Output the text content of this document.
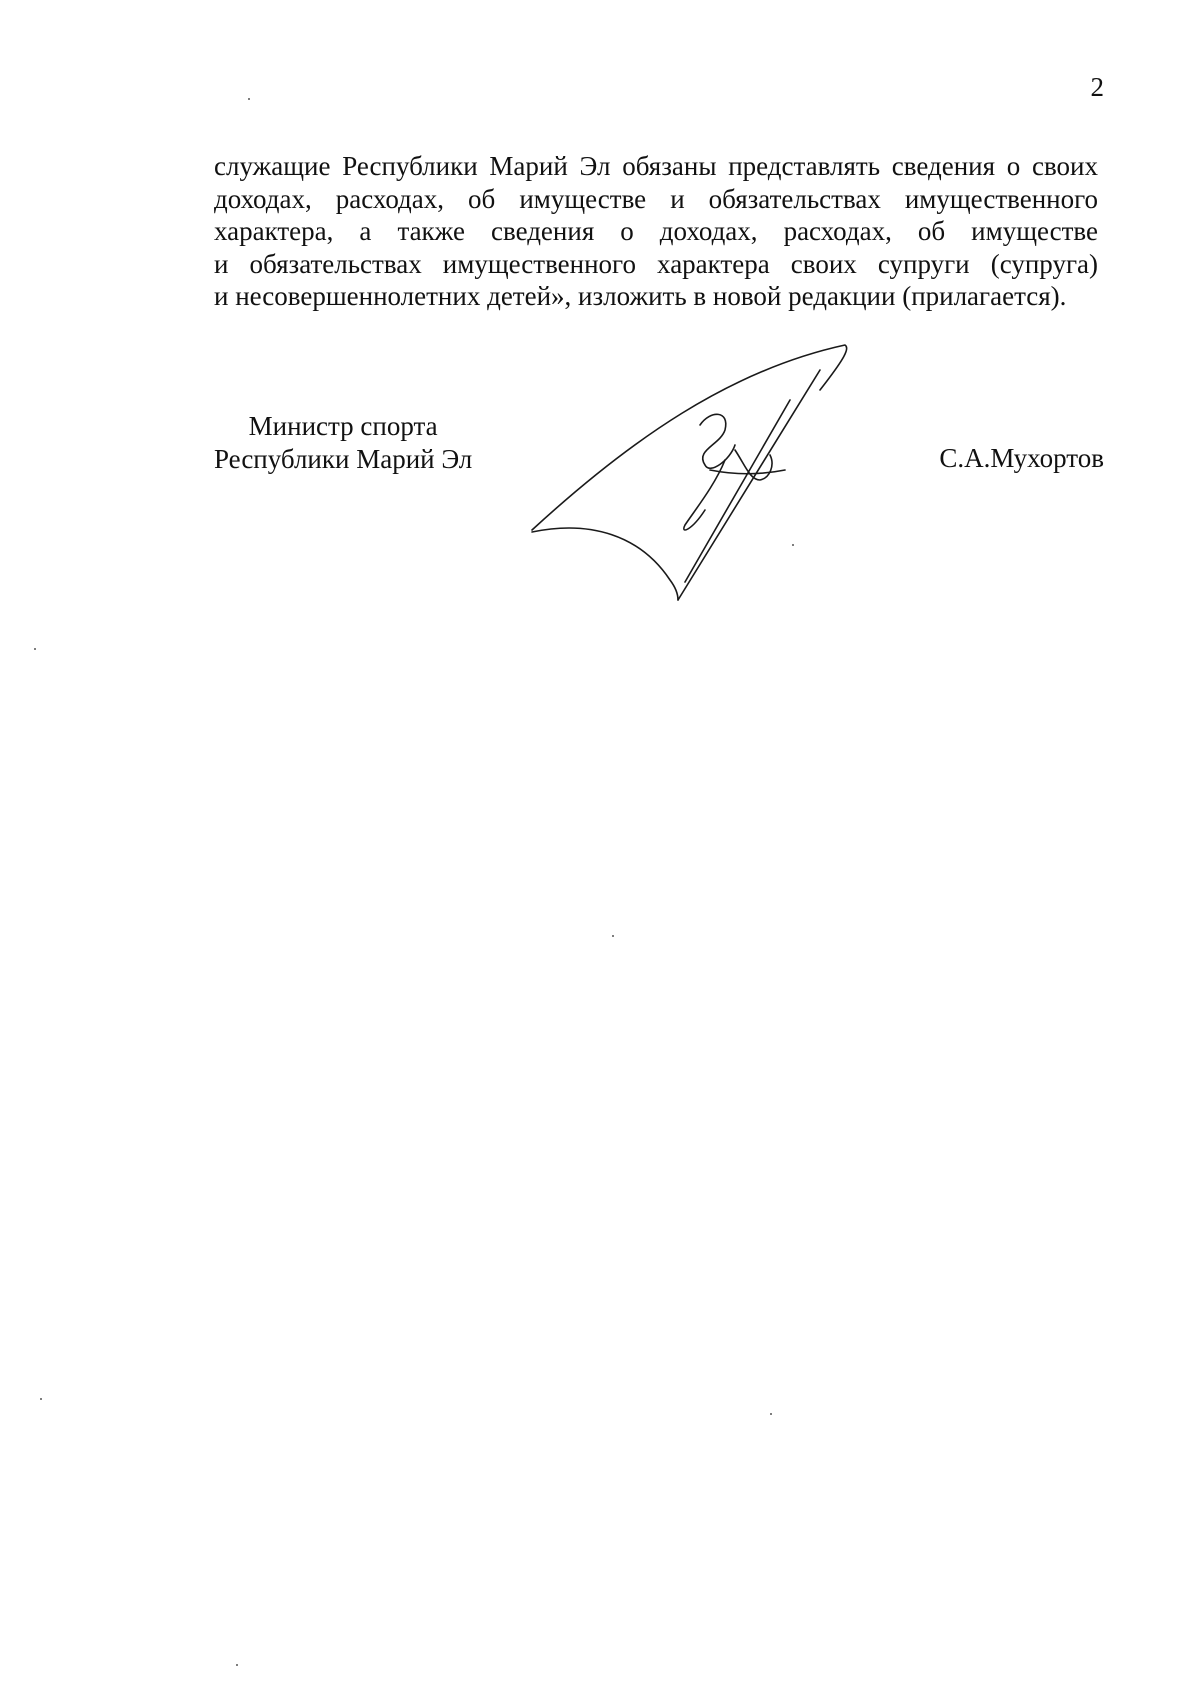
2
служащие Республики Марий Эл обязаны представлять сведения о своих
доходах, расходах, об имуществе и обязательствах имущественного
характера, а также сведения о доходах, расходах, об имуществе
и обязательствах имущественного характера своих супруги (супруга)
и несовершеннолетних детей», изложить в новой редакции (прилагается).
Министр спорта
Республики Марий Эл	С.А.Мухортов
